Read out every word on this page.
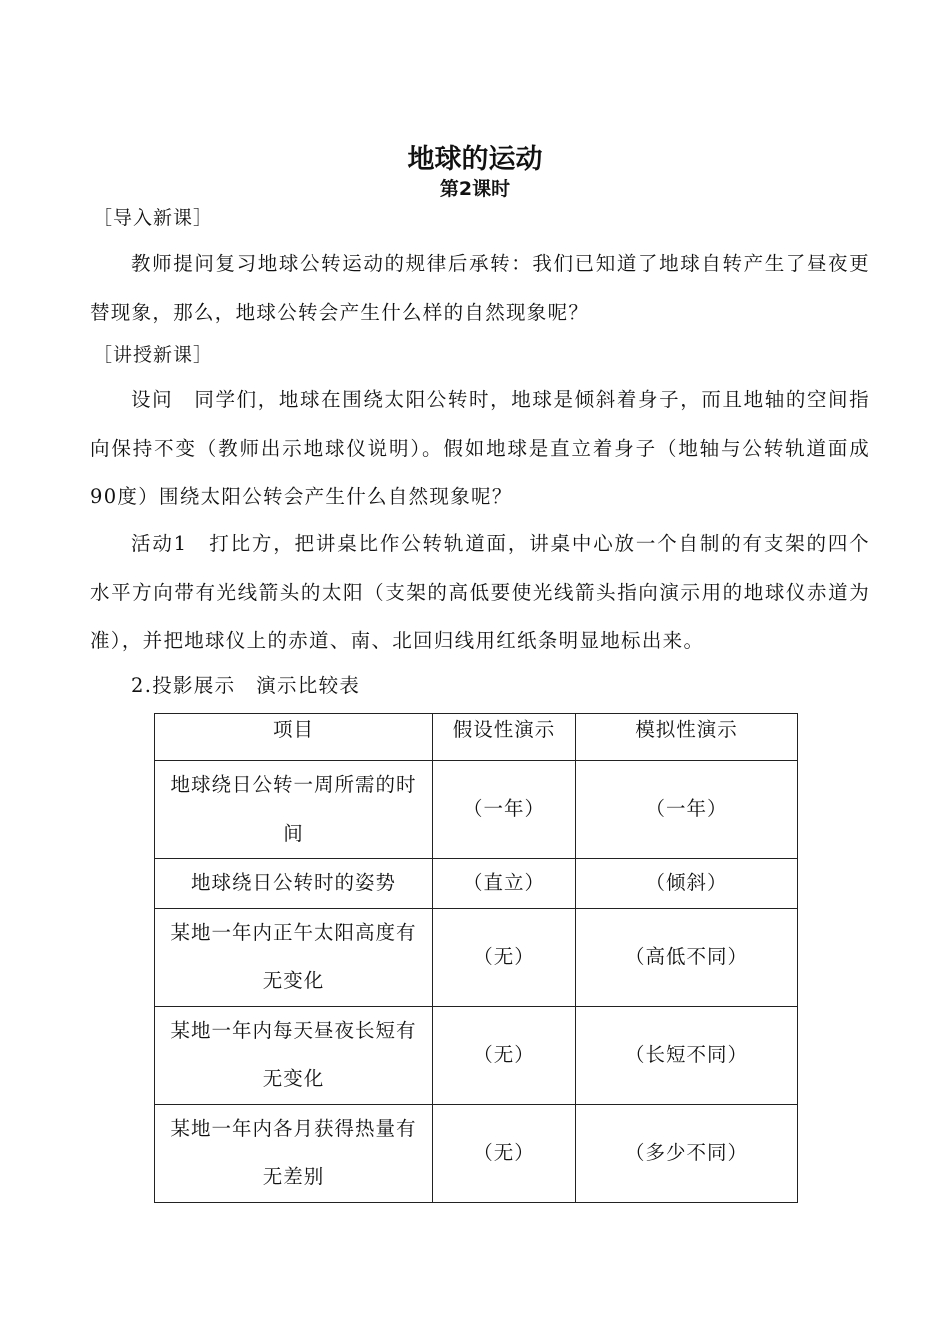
地球的运动
第2课时
［导入新课］
教师提问复习地球公转运动的规律后承转：我们已知道了地球自转产生了昼夜更替现象，那么，地球公转会产生什么样的自然现象呢？
［讲授新课］
设问　同学们，地球在围绕太阳公转时，地球是倾斜着身子，而且地轴的空间指向保持不变（教师出示地球仪说明）。假如地球是直立着身子（地轴与公转轨道面成90度）围绕太阳公转会产生什么自然现象呢？
活动1　打比方，把讲桌比作公转轨道面，讲桌中心放一个自制的有支架的四个水平方向带有光线箭头的太阳（支架的高低要使光线箭头指向演示用的地球仪赤道为准），并把地球仪上的赤道、南、北回归线用红纸条明显地标出来。
2.投影展示　演示比较表
项目	假设性演示	模拟性演示
地球绕日公转一周所需的时间	（一年）	（一年）
地球绕日公转时的姿势	（直立）	（倾斜）
某地一年内正午太阳高度有无变化	（无）	（高低不同）
某地一年内每天昼夜长短有无变化	（无）	（长短不同）
某地一年内各月获得热量有无差别	（无）	（多少不同）
